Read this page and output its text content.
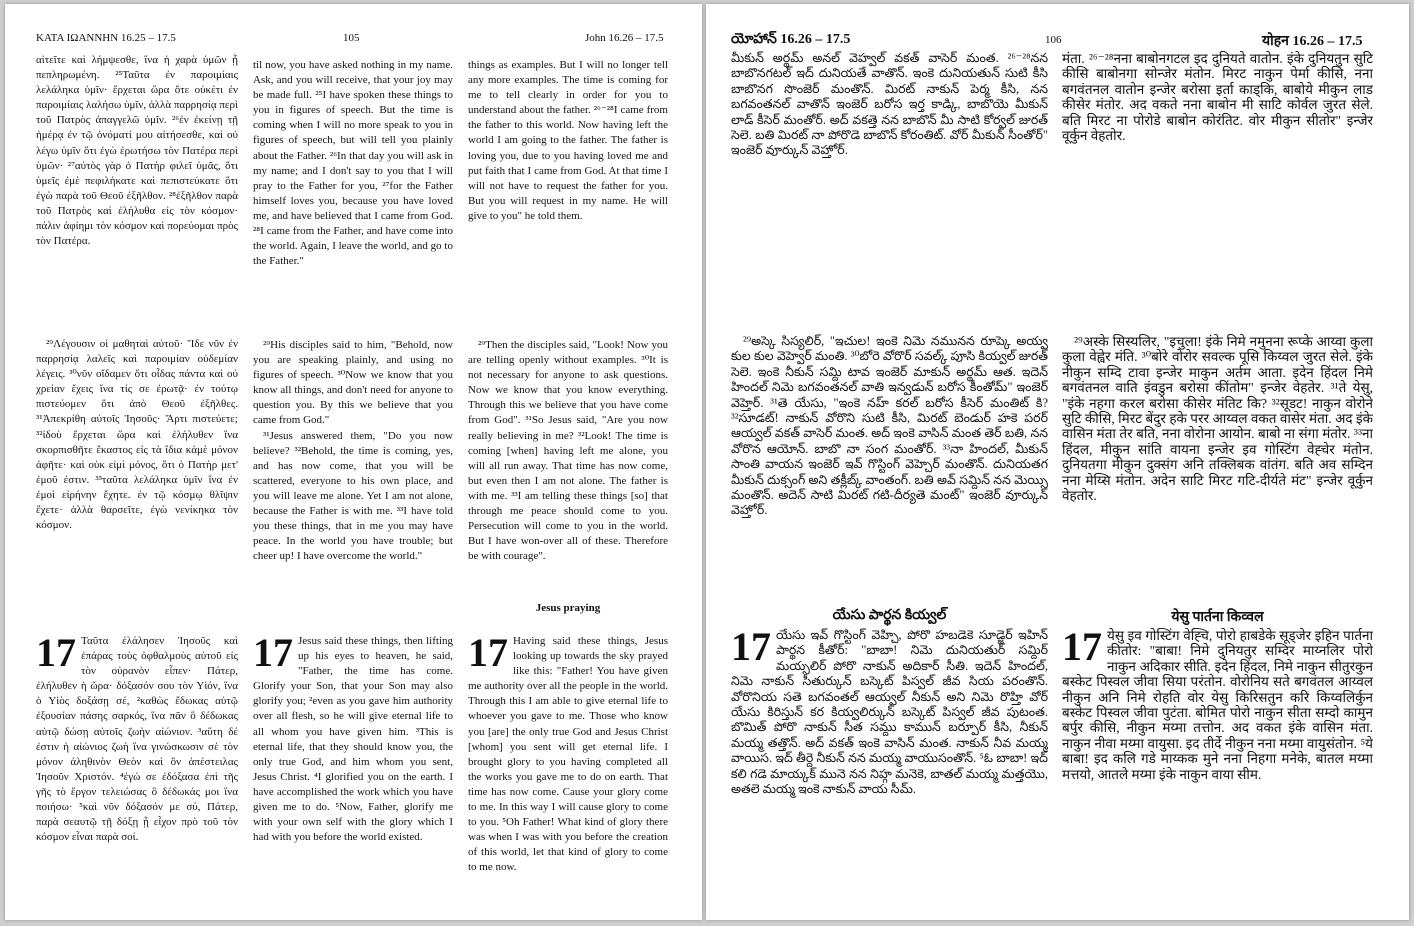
ΚΑΤΑ ΙΩΑΝΝΗΝ 16.25 – 17.5	105	John 16.26 – 17.5

αἰτεῖτε καὶ λήμψεσθε, ἵνα ἡ χαρὰ ὑμῶν ᾖ πεπληρωμένη. ²⁵Ταῦτα ἐν παροιμίαις λελάληκα ὑμῖν· ἔρχεται ὥρα ὅτε οὐκέτι ἐν παροιμίαις λαλήσω ὑμῖν, ἀλλὰ παρρησίᾳ περὶ τοῦ Πατρὸς ἀπαγγελῶ ὑμῖν. ²⁶ἐν ἐκείνῃ τῇ ἡμέρᾳ ἐν τῷ ὀνόματί μου αἰτήσεσθε, καὶ οὐ λέγω ὑμῖν ὅτι ἐγὼ ἐρωτήσω τὸν Πατέρα περὶ ὑμῶν· ²⁷αὐτὸς γὰρ ὁ Πατὴρ φιλεῖ ὑμᾶς, ὅτι ὑμεῖς ἐμὲ πεφιλήκατε καὶ πεπιστεύκατε ὅτι ἐγὼ παρὰ τοῦ Θεοῦ ἐξῆλθον. ²⁸ἐξῆλθον παρὰ τοῦ Πατρὸς καὶ ἐλήλυθα εἰς τὸν κόσμον· πάλιν ἀφίημι τὸν κόσμον καὶ πορεύομαι πρὸς τὸν Πατέρα.

²⁹Λέγουσιν οἱ μαθηταὶ αὐτοῦ· Ἴδε νῦν ἐν παρρησίᾳ λαλεῖς καὶ παροιμίαν οὐδεμίαν λέγεις. ³⁰νῦν οἴδαμεν ὅτι οἶδας πάντα καὶ οὐ χρείαν ἔχεις ἵνα τίς σε ἐρωτᾷ· ἐν τούτῳ πιστεύομεν ὅτι ἀπὸ Θεοῦ ἐξῆλθες. ³¹Ἀπεκρίθη αὐτοῖς Ἰησοῦς· Ἄρτι πιστεύετε; ³²ἰδοὺ ἔρχεται ὥρα καὶ ἐλήλυθεν ἵνα σκορπισθῆτε ἕκαστος εἰς τὰ ἴδια κἀμὲ μόνον ἀφῆτε· καὶ οὐκ εἰμὶ μόνος, ὅτι ὁ Πατὴρ μετ' ἐμοῦ ἐστιν. ³³ταῦτα λελάληκα ὑμῖν ἵνα ἐν ἐμοὶ εἰρήνην ἔχητε. ἐν τῷ κόσμῳ θλῖψιν ἔχετε· ἀλλὰ θαρσεῖτε, ἐγὼ νενίκηκα τὸν κόσμον.

17 Ταῦτα ἐλάλησεν Ἰησοῦς καὶ ἐπάρας τοὺς ὀφθαλμοὺς αὐτοῦ εἰς τὸν οὐρανὸν εἶπεν· Πάτερ, ἐλήλυθεν ἡ ὥρα· δόξασόν σου τὸν Υἱόν, ἵνα ὁ Υἱὸς δοξάσῃ σέ, ²καθὼς ἔδωκας αὐτῷ ἐξουσίαν πάσης σαρκός, ἵνα πᾶν ὃ δέδωκας αὐτῷ δώσῃ αὐτοῖς ζωὴν αἰώνιον. ³αὕτη δέ ἐστιν ἡ αἰώνιος ζωὴ ἵνα γινώσκωσιν σὲ τὸν μόνον ἀληθινὸν Θεὸν καὶ ὃν ἀπέστειλας Ἰησοῦν Χριστόν. ⁴ἐγώ σε ἐδόξασα ἐπὶ τῆς γῆς τὸ ἔργον τελειώσας ὃ δέδωκάς μοι ἵνα ποιήσω· ⁵καὶ νῦν δόξασόν με σύ, Πάτερ, παρὰ σεαυτῷ τῇ δόξῃ ᾗ εἶχον πρὸ τοῦ τὸν κόσμον εἶναι παρὰ σοί.

til now, you have asked nothing in my name. Ask, and you will receive, that your joy may be made full. ²⁵I have spoken these things to you in figures of speech. But the time is coming when I will no more speak to you in figures of speech, but will tell you plainly about the Father. ²⁶In that day you will ask in my name; and I don't say to you that I will pray to the Father for you, ²⁷for the Father himself loves you, because you have loved me, and have believed that I came from God. ²⁸I came from the Father, and have come into the world. Again, I leave the world, and go to the Father."

²⁹His disciples said to him, "Behold, now you are speaking plainly, and using no figures of speech. ³⁰Now we know that you know all things, and don't need for anyone to question you. By this we believe that you came from God."

³¹Jesus answered them, "Do you now believe? ³²Behold, the time is coming, yes, and has now come, that you will be scattered, everyone to his own place, and you will leave me alone. Yet I am not alone, because the Father is with me. ³³I have told you these things, that in me you may have peace. In the world you have trouble; but cheer up! I have overcome the world."

17 Jesus said these things, then lifting up his eyes to heaven, he said, "Father, the time has come. Glorify your Son, that your Son may also glorify you; ²even as you gave him authority over all flesh, so he will give eternal life to all whom you have given him. ³This is eternal life, that they should know you, the only true God, and him whom you sent, Jesus Christ. ⁴I glorified you on the earth. I have accomplished the work which you have given me to do. ⁵Now, Father, glorify me with your own self with the glory which I had with you before the world existed.

things as examples. But I will no longer tell any more examples. The time is coming for me to tell clearly in order for you to understand about the father. ²⁶⁻²⁸I came from the father to this world. Now having left the world I am going to the father. The father is loving you, due to you having loved me and put faith that I came from God. At that time I will not have to request the father for you. But you will request in my name. He will give to you" he told them.

²⁹Then the disciples said, "Look! Now you are telling openly without examples. ³⁰It is not necessary for anyone to ask questions. Now we know that you know everything. Through this we believe that you have come from God". ³¹So Jesus said, "Are you now really believing in me? ³²Look! The time is coming [when] having left me alone, you will all run away. That time has now come, but even then I am not alone. The father is with me. ³³I am telling these things [so] that through me peace should come to you. Persecution will come to you in the world. But I have won-over all of these. Therefore be with courage".

Jesus praying
17 Having said these things, Jesus looking up towards the sky prayed like this: "Father! You have given me authority over all the people in the world. Through this I am able to give eternal life to whoever you gave to me. Those who know you [are] the only true God and Jesus Christ [whom] you sent will get eternal life. I brought glory to you having completed all the works you gave me to do on earth. That time has now come. Cause your glory come to me. In this way I will cause glory to come to you. ⁵Oh Father! What kind of glory there was when I was with you before the creation of this world, let that kind of glory to come to me now.
యోహాన్ 16.26 – 17.5	106	योहन 16.26 – 17.5

మీకున్ అర్థమ్ అనల్ వెహ్వల్ వకత్ వాసెర్ మంత. ²⁶⁻²⁸నన బాబొనగటల్ ఇద్ దునియతే వాతొన్. ఇంకె దునియతున్ సుటి కీసి బాబొనగ సొంజెర్ మంతొన్. మిరట్ నాకున్ పెర్మ కీసి, నన బగవంతనల్ వాతొన్ ఇంజెర్ బరోస ఇర్త కాడ్కి, బాబొయె మీకున్ లాడ్ కీసెర్ మంతోర్. అద్ వకత్తె నన బాబొన్ మీ సాటి కోర్వల్ జురత్ సెలె. బతి మిరట్ నా పోరొడె బాబొన్ కోరంతిట్. వోర్ మీకున్ సీంతోర్" ఇంజెర్ వూర్కున్ వెహ్తోర్.

²⁹అస్కె సిస్యలిర్, "ఇచుల! ఇంకె నిమె నమునన రూప్కె అయ్వ కుల కుల వెహ్వెర్ మంతి. ³⁰బోరె వోరొర్ సవల్క్ పూసి కియ్వల్ జురత్ సెలె. ఇంకె నీకున్ సమ్ది టావ ఇంజెర్ మాకున్ అర్థమ్ ఆత. ఇదెన్ హిందల్ నిమె బగవంతనల్ వాతి ఇన్వడున్ బరోస కీంతోమ్" ఇంజెర్ వెహ్తెర్. ³¹తె యేసు, "ఇంకె నహ్ కరల్ బరోస కీసెర్ మంతిట్ కి? ³²సూడట్! నాకున్ వోరొని సుటి కీసి, మిరట్ బెండుర్ హకె పరర్ ఆయ్వల్ వకత్ వాసెర్ మంత. అద్ ఇంకె వాసిన్ మంత తెర్ బతి, నన వోరొన ఆయోన్. బాబొ నా సంగ మంతోర్. ³³నా హిందల్, మీకున్ సాంతి వాయన ఇంజెర్ ఇవ్ గొస్టింగ్ వెహ్చెర్ మంతొన్. దునియతగ మీకున్ దుక్సంగ్ అని తక్లీబ్క్ వాంతంగ్. బతి అవ్ సమ్దిన్ నన మెయ్సి మంతొన్. అదెన్ సాటి మిరట్ గటి-దీర్యతె మంట్" ఇంజెర్ వూర్కున్ వెహ్తోర్.

యేసు పార్థన కియ్వల్
17 యేసు ఇవ్ గొస్టింగ్ వెహ్చి, పోరొ హబడెకె సూడ్జెర్ ఇహిన్ పార్థన కీతోర్: "బాబా! నిమె దునియతుర్ సమ్దిర్ మయ్సలిర్ పోరొ నాకున్ అదికార్ సీతి. ఇదెన్ హిందల్, నిమె నాకున్ సీతుర్కున్ బస్కెట్ పిస్వల్ జీవ సియ పరంతొన్. వోరొనియ సతె బగవంతల్ ఆయ్వల్ నీకున్ అని నిమె రొహ్తి వోర్ యేసు కిరిస్తున్ కర కియ్వలిర్కున్ బస్కెట్ పిస్వల్ జీవ పుటంత. బొమిత్ పోరొ నాకున్ సీత సమ్దు కామున్ బర్పూర్ కీసి, నీకున్ మయ్మ తత్తొన్. అద్ వకత్ ఇంకె వాసిన్ మంత. నాకున్ నీవ మయ్మ వాయిస. ఇద్ తీర్దె నీకున్ నన మయ్మ వాయుసంతొన్. ⁵ఓ బాబా! ఇద్ కలి గడె మాయ్కక్ మునె నన నిహ్గ మనెకె, బాతల్ మయ్మ మత్తయొ, అతలె మయ్మ ఇంకె నాకున్ వాయ సీమ్.

मंता. ²⁶⁻²⁸नना बाबोनगटल इद दुनियते वातोन. इंके दुनियतुन सुटि कीसि बाबोनगा सोन्जेर मंतोन. मिरट नाकुन पेर्मा कीसि, नना बगवंतनल वातोन इन्जेर बरोसा इर्ता काड्कि, बाबोये मीकुन लाड कीसेर मंतोर. अद वकते नना बाबोन मी साटि कोर्वल जुरत सेले. बति मिरट ना पोरोडे बाबोन कोरंतिट. वोर मीकुन सीतोर" इन्जेर वूर्कुन वेहतोर.

²⁹अस्के सिस्यलिर, "इचुला! इंके निमे नमुनना रूप्के आय्वा कुला कुला वेह्वेर मंति. ³⁰बोरे वोरोर सवल्क पूसि किय्वल जुरत सेले. इंके नीकुन सम्दि टावा इन्जेर माकुन अर्तम आता. इदेन हिंदल निमे बगवंतनल वाति इंवडुन बरोसा कींतोम" इन्जेर वेहतेर. ³¹ते येसु, "इंके नहगा करल बरोसा कीसेर मंतिट कि? ³²सूडट! नाकुन वोरोने सुटि कीसि, मिरट बेंदुर हके परर आय्वल वकत वासेर मंता. अद इंके वासिन मंता तेर बति, नना वोरोना आयोन. बाबो ना संगा मंतोर. ³³ना हिंदल, मीकुन सांति वायना इन्जेर इव गोस्टिंग वेह्चेर मंतोन. दुनियतगा मीकुन दुक्संग अनि तक्लिबक वांतंग. बति अव सम्दिन नना मेय्सि मंतोन. अदेन साटि मिरट गटि-दीर्यते मंट" इन्जेर वूर्कुन वेहतोर.

येसु पार्तना किव्वल
17 येसु इव गोस्टिंग वेह्चि, पोरो हाबडेके सूड्जेर इहिन पार्तना कीतोर: "बाबा! निमे दुनियतुर सम्दिर माय्नलिर पोरो नाकुन अदिकार सीति. इदेन हिंदल, निमे नाकुन सीतुरकुन बस्केट पिस्वल जीवा सिया परंतोन. वोरोनिय सते बगवंतल आय्वल नीकुन अनि निमे रोहति वोर येसु किरिसतुन करि किय्वलिर्कुन बस्केट पिस्वल जीवा पुटंता. बोमित पोरो नाकुन सीता सम्दो कामुन बर्पुर कीसि, नीकुन मय्मा तत्तोन. अद वकत इंके वासिन मंता. नाकुन नीवा मय्मा वायुसा. इद तीर्दे नीकुन नना मय्मा वायुसंतोन. ⁵ये बाबा! इद कलि गडे माय्कक मुने नना निहगा मनेके, बातल मय्मा मत्तयो, आतले मय्मा इंके नाकुन वाया सीम.
